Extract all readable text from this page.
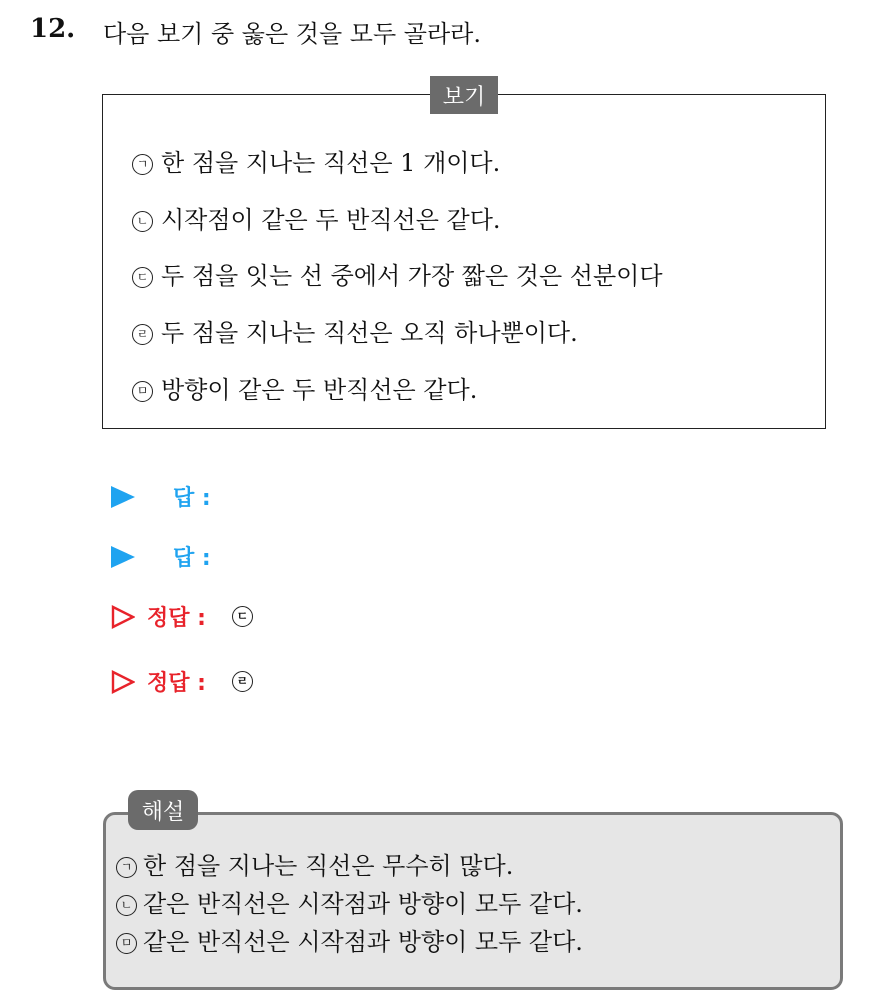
12. 다음 보기 중 옳은 것을 모두 골라라.
보기
ㄱ 한 점을 지나는 직선은 1 개이다.
ㄴ 시작점이 같은 두 반직선은 같다.
ㄷ 두 점을 잇는 선 중에서 가장 짧은 것은 선분이다
ㄹ 두 점을 지나는 직선은 오직 하나뿐이다.
ㅁ 방향이 같은 두 반직선은 같다.
답 :
답 :
정답 :	ㄷ
정답 :	ㄹ
해설
ㄱ 한 점을 지나는 직선은 무수히 많다.
ㄴ 같은 반직선은 시작점과 방향이 모두 같다.
ㅁ 같은 반직선은 시작점과 방향이 모두 같다.
